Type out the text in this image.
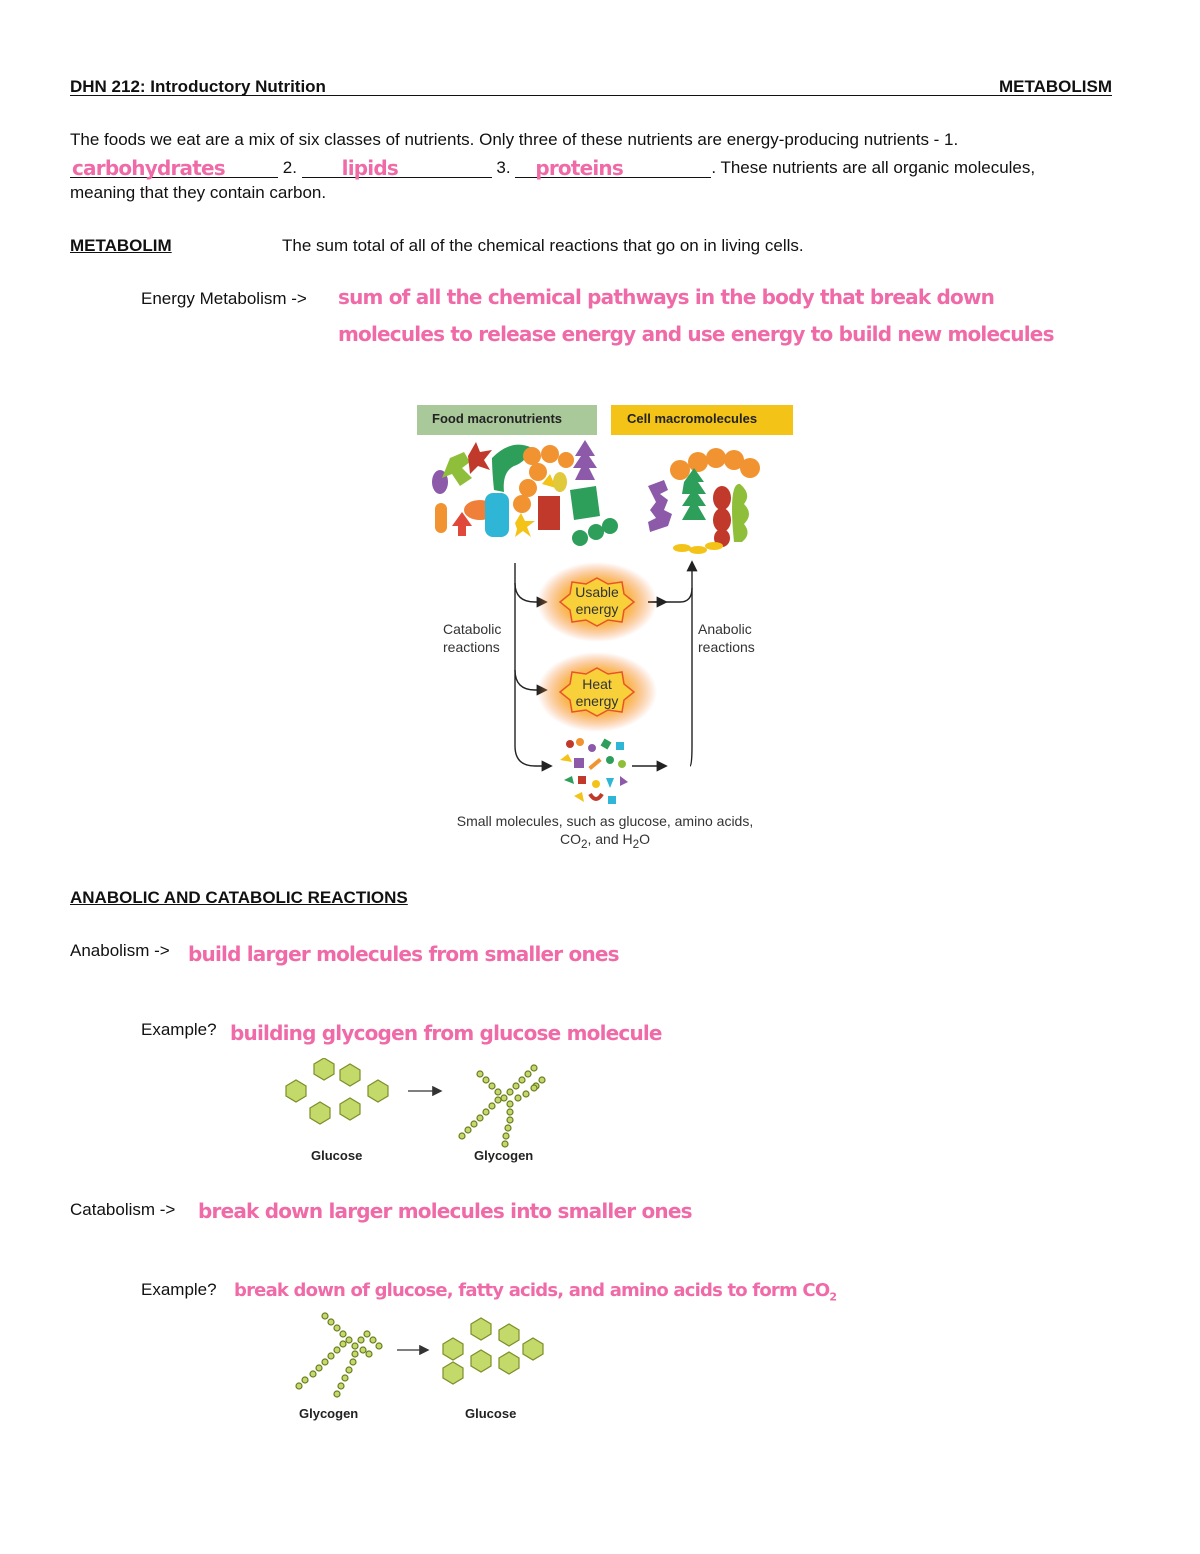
DHN 212: Introductory Nutrition	METABOLISM
The foods we eat are a mix of six classes of nutrients. Only three of these nutrients are energy-producing nutrients - 1.
carbohydrates	2. lipids	3. proteins	. These nutrients are all organic molecules,
meaning that they contain carbon.
METABOLIM	The sum total of all of the chemical reactions that go on in living cells.
Energy Metabolism -> sum of all the chemical pathways in the body that break down
molecules to release energy and use energy to build new molecules
Food macronutrients	Cell macromolecules
Usable
energy
Heat
energy
Catabolic
reactions
Anabolic
reactions
Small molecules, such as glucose, amino acids,
$CO_2$, and $H_2O$
ANABOLIC AND CATABOLIC REACTIONS
Anabolism -> build larger molecules from smaller ones
Example? building glycogen from glucose molecule
Glucose	Glycogen
Catabolism -> break down larger molecules into smaller ones
Example? break down of glucose, fatty acids, and amino acids to form $CO_2$
Glycogen	Glucose
